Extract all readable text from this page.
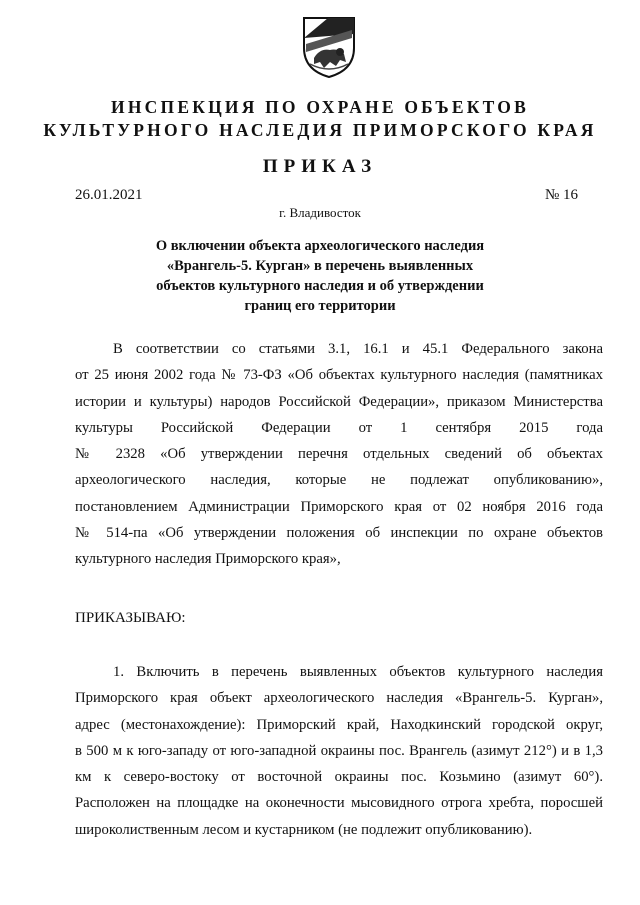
ИНСПЕКЦИЯ ПО ОХРАНЕ ОБЪЕКТОВ
КУЛЬТУРНОГО НАСЛЕДИЯ ПРИМОРСКОГО КРАЯ
ПРИКАЗ
26.01.2021	№ 16
г. Владивосток
О включении объекта археологического наследия
«Врангель-5. Курган» в перечень выявленных
объектов культурного наследия и об утверждении
границ его территории
В соответствии со статьями 3.1, 16.1 и 45.1 Федерального закона
от 25 июня 2002 года № 73-ФЗ «Об объектах культурного наследия (памятниках
истории и культуры) народов Российской Федерации», приказом Министерства
культуры Российской Федерации от 1 сентября 2015 года
№ 2328 «Об утверждении перечня отдельных сведений об объектах
археологического наследия, которые не подлежат опубликованию»,
постановлением Администрации Приморского края от 02 ноября 2016 года
№ 514-па «Об утверждении положения об инспекции по охране объектов
культурного наследия Приморского края»,
ПРИКАЗЫВАЮ:
1. Включить в перечень выявленных объектов культурного наследия
Приморского края объект археологического наследия «Врангель-5. Курган»,
адрес (местонахождение): Приморский край, Находкинский городской округ,
в 500 м к юго-западу от юго-западной окраины пос. Врангель (азимут 212°) и в 1,3
км к северо-востоку от восточной окраины пос. Козьмино (азимут 60°).
Расположен на площадке на оконечности мысовидного отрога хребта, поросшей
широколиственным лесом и кустарником (не подлежит опубликованию).
